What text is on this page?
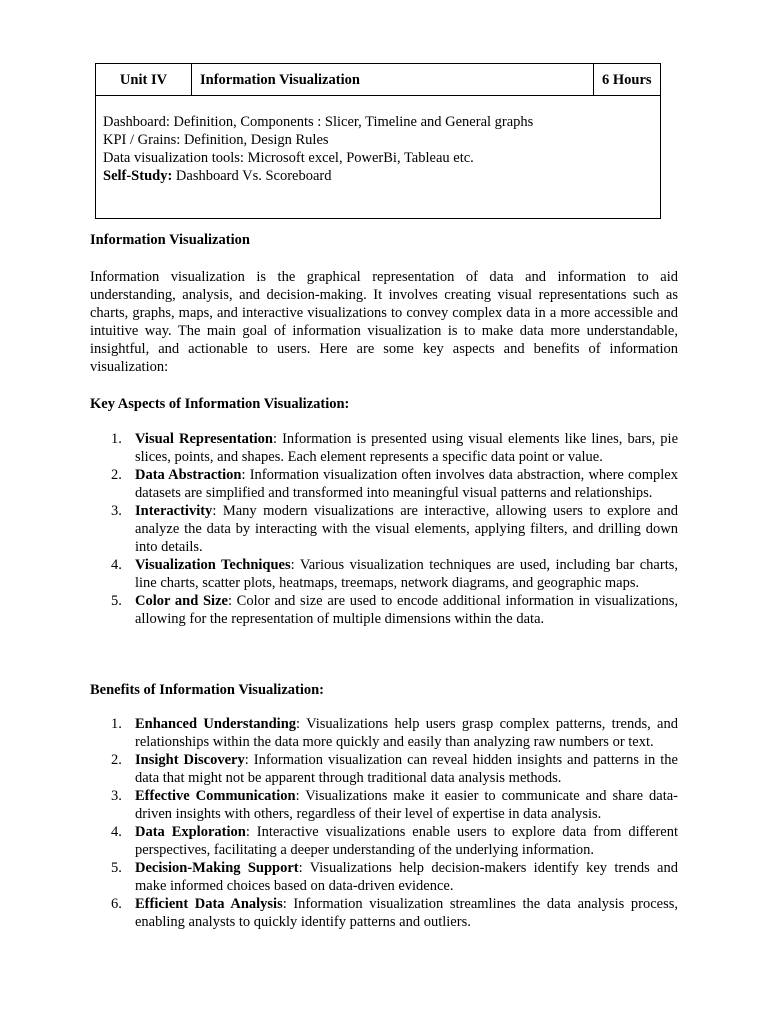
Unit IV	Information Visualization	6 Hours

Dashboard: Definition, Components : Slicer, Timeline and General graphs
KPI / Grains: Definition, Design Rules
Data visualization tools: Microsoft excel, PowerBi, Tableau etc.
Self-Study: Dashboard Vs. Scoreboard
Information Visualization
Information visualization is the graphical representation of data and information to aid understanding, analysis, and decision-making. It involves creating visual representations such as charts, graphs, maps, and interactive visualizations to convey complex data in a more accessible and intuitive way. The main goal of information visualization is to make data more understandable, insightful, and actionable to users. Here are some key aspects and benefits of information visualization:
Key Aspects of Information Visualization:
1. Visual Representation: Information is presented using visual elements like lines, bars, pie slices, points, and shapes. Each element represents a specific data point or value.
2. Data Abstraction: Information visualization often involves data abstraction, where complex datasets are simplified and transformed into meaningful visual patterns and relationships.
3. Interactivity: Many modern visualizations are interactive, allowing users to explore and analyze the data by interacting with the visual elements, applying filters, and drilling down into details.
4. Visualization Techniques: Various visualization techniques are used, including bar charts, line charts, scatter plots, heatmaps, treemaps, network diagrams, and geographic maps.
5. Color and Size: Color and size are used to encode additional information in visualizations, allowing for the representation of multiple dimensions within the data.
Benefits of Information Visualization:
1. Enhanced Understanding: Visualizations help users grasp complex patterns, trends, and relationships within the data more quickly and easily than analyzing raw numbers or text.
2. Insight Discovery: Information visualization can reveal hidden insights and patterns in the data that might not be apparent through traditional data analysis methods.
3. Effective Communication: Visualizations make it easier to communicate and share data-driven insights with others, regardless of their level of expertise in data analysis.
4. Data Exploration: Interactive visualizations enable users to explore data from different perspectives, facilitating a deeper understanding of the underlying information.
5. Decision-Making Support: Visualizations help decision-makers identify key trends and make informed choices based on data-driven evidence.
6. Efficient Data Analysis: Information visualization streamlines the data analysis process, enabling analysts to quickly identify patterns and outliers.
